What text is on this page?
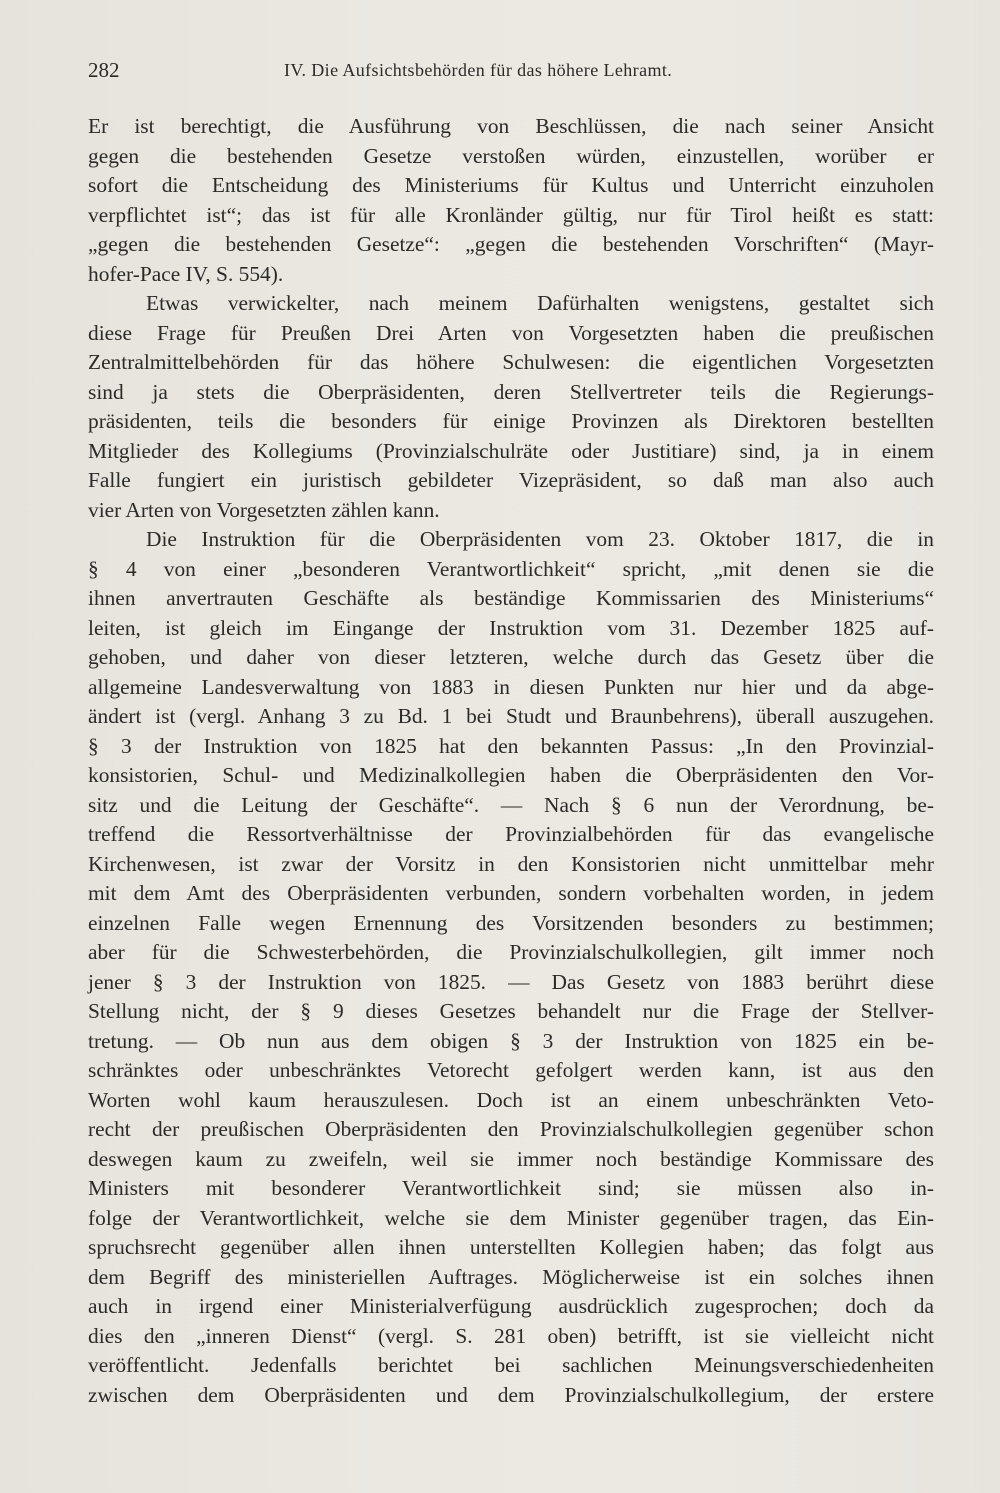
282	IV. Die Aufsichtsbehörden für das höhere Lehramt.
Er ist berechtigt, die Ausführung von Beschlüssen, die nach seiner Ansicht
gegen die bestehenden Gesetze verstoßen würden, einzustellen, worüber er
sofort die Entscheidung des Ministeriums für Kultus und Unterricht einzuholen
verpflichtet ist“; das ist für alle Kronländer gültig, nur für Tirol heißt es statt:
„gegen die bestehenden Gesetze“: „gegen die bestehenden Vorschriften“ (Mayr-
hofer-Pace IV, S. 554).
Etwas verwickelter, nach meinem Dafürhalten wenigstens, gestaltet sich
diese Frage für Preußen Drei Arten von Vorgesetzten haben die preußischen
Zentralmittelbehörden für das höhere Schulwesen: die eigentlichen Vorgesetzten
sind ja stets die Oberpräsidenten, deren Stellvertreter teils die Regierungs-
präsidenten, teils die besonders für einige Provinzen als Direktoren bestellten
Mitglieder des Kollegiums (Provinzialschulräte oder Justitiare) sind, ja in einem
Falle fungiert ein juristisch gebildeter Vizepräsident, so daß man also auch
vier Arten von Vorgesetzten zählen kann.
Die Instruktion für die Oberpräsidenten vom 23. Oktober 1817, die in
§ 4 von einer „besonderen Verantwortlichkeit“ spricht, „mit denen sie die
ihnen anvertrauten Geschäfte als beständige Kommissarien des Ministeriums“
leiten, ist gleich im Eingange der Instruktion vom 31. Dezember 1825 auf-
gehoben, und daher von dieser letzteren, welche durch das Gesetz über die
allgemeine Landesverwaltung von 1883 in diesen Punkten nur hier und da abge-
ändert ist (vergl. Anhang 3 zu Bd. 1 bei Studt und Braunbehrens), überall auszugehen.
§ 3 der Instruktion von 1825 hat den bekannten Passus: „In den Provinzial-
konsistorien, Schul- und Medizinalkollegien haben die Oberpräsidenten den Vor-
sitz und die Leitung der Geschäfte“. — Nach § 6 nun der Verordnung, be-
treffend die Ressortverhältnisse der Provinzialbehörden für das evangelische
Kirchenwesen, ist zwar der Vorsitz in den Konsistorien nicht unmittelbar mehr
mit dem Amt des Oberpräsidenten verbunden, sondern vorbehalten worden, in jedem
einzelnen Falle wegen Ernennung des Vorsitzenden besonders zu bestimmen;
aber für die Schwesterbehörden, die Provinzialschulkollegien, gilt immer noch
jener § 3 der Instruktion von 1825. — Das Gesetz von 1883 berührt diese
Stellung nicht, der § 9 dieses Gesetzes behandelt nur die Frage der Stellver-
tretung. — Ob nun aus dem obigen § 3 der Instruktion von 1825 ein be-
schränktes oder unbeschränktes Vetorecht gefolgert werden kann, ist aus den
Worten wohl kaum herauszulesen. Doch ist an einem unbeschränkten Veto-
recht der preußischen Oberpräsidenten den Provinzialschulkollegien gegenüber schon
deswegen kaum zu zweifeln, weil sie immer noch beständige Kommissare des
Ministers mit besonderer Verantwortlichkeit sind; sie müssen also in-
folge der Verantwortlichkeit, welche sie dem Minister gegenüber tragen, das Ein-
spruchsrecht gegenüber allen ihnen unterstellten Kollegien haben; das folgt aus
dem Begriff des ministeriellen Auftrages. Möglicherweise ist ein solches ihnen
auch in irgend einer Ministerialverfügung ausdrücklich zugesprochen; doch da
dies den „inneren Dienst“ (vergl. S. 281 oben) betrifft, ist sie vielleicht nicht
veröffentlicht. Jedenfalls berichtet bei sachlichen Meinungsverschiedenheiten
zwischen dem Oberpräsidenten und dem Provinzialschulkollegium, der erstere
